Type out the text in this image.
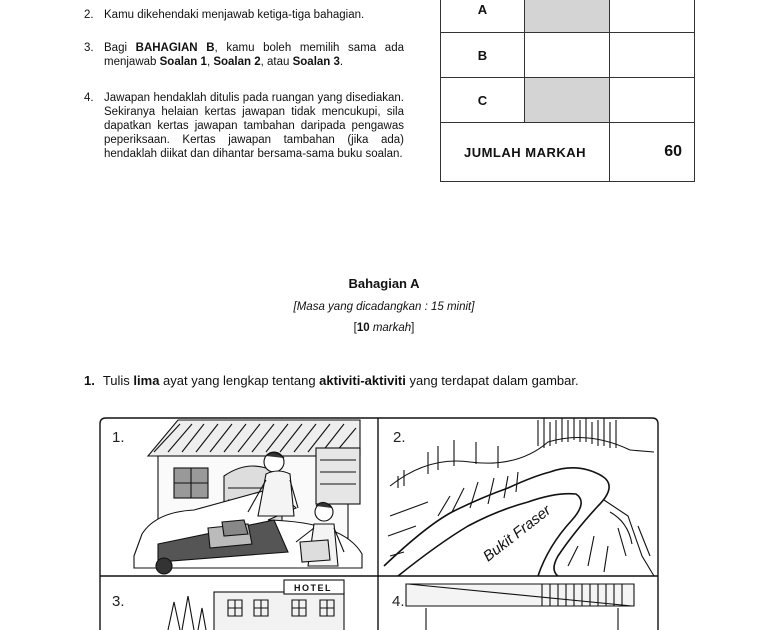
2. Kamu dikehendaki menjawab ketiga-tiga bahagian.
3. Bagi BAHAGIAN B, kamu boleh memilih sama ada menjawab Soalan 1, Soalan 2, atau Soalan 3.
4. Jawapan hendaklah ditulis pada ruangan yang disediakan. Sekiranya helaian kertas jawapan tidak mencukupi, sila dapatkan kertas jawapan tambahan daripada pengawas peperiksaan. Kertas jawapan tambahan (jika ada) hendaklah diikat dan dihantar bersama-sama buku soalan.
A		
B		
C		
JUMLAH MARKAH		60
Bahagian A
[Masa yang dicadangkan : 15 minit]
[10 markah]
1. Tulis lima ayat yang lengkap tentang aktiviti-aktiviti yang terdapat dalam gambar.
1.	2.
Bukit Fraser
HOTEL
3.	4.
